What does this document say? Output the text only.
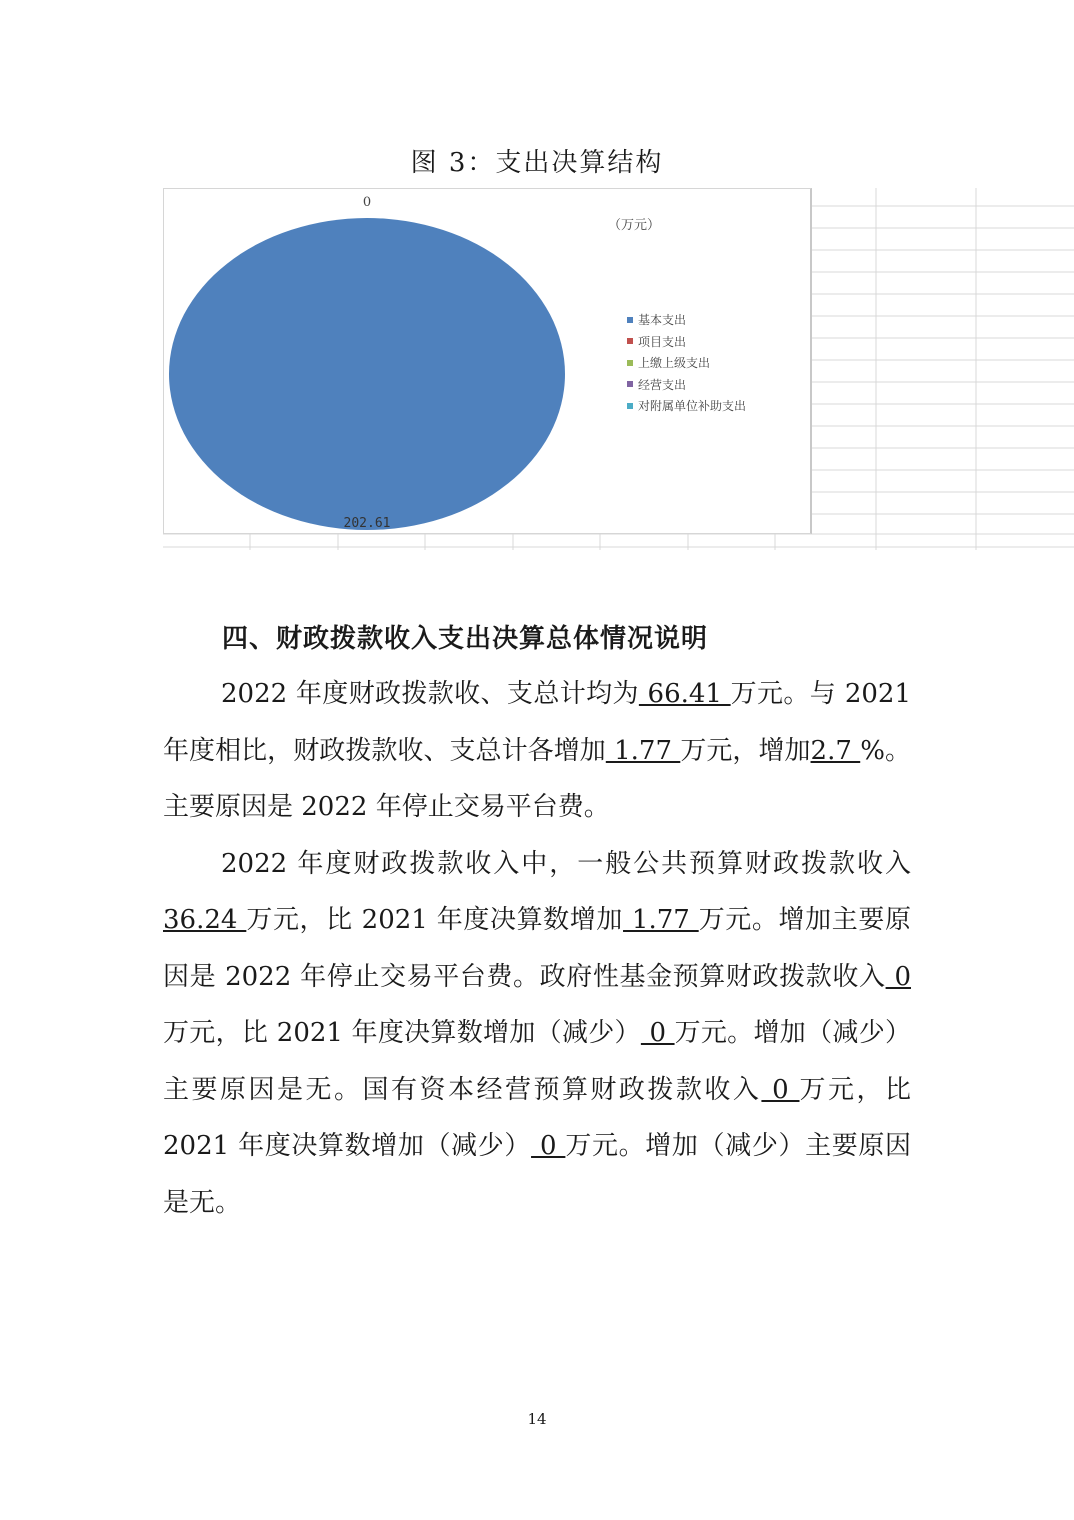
图 3：支出决算结构
0
202.61
（万元）
基本支出
项目支出
上缴上级支出
经营支出
对附属单位补助支出
四、财政拨款收入支出决算总体情况说明

2022 年度财政拨款收、支总计均为 66.41 万元。与 2021 年度相比，财政拨款收、支总计各增加 1.77 万元，增加2.7 %。主要原因是 2022 年停止交易平台费。

2022 年度财政拨款收入中，一般公共预算财政拨款收入36.24 万元，比 2021 年度决算数增加 1.77 万元。增加主要原因是 2022 年停止交易平台费。政府性基金预算财政拨款收入 0 万元，比 2021 年度决算数增加（减少） 0 万元。增加（减少）主要原因是无。国有资本经营预算财政拨款收入 0 万元，比 2021 年度决算数增加（减少） 0 万元。增加（减少）主要原因是无。

14
